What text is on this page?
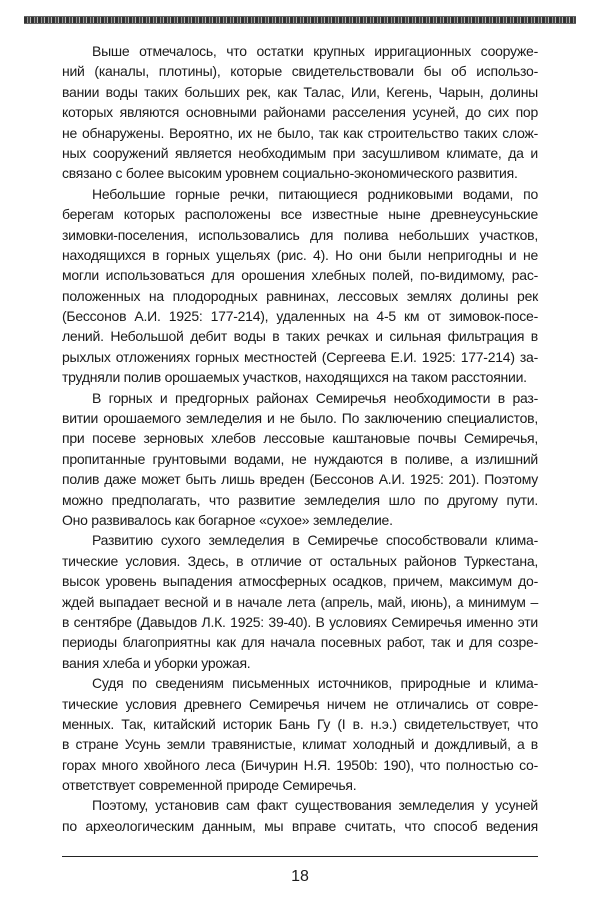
Выше отмечалось, что остатки крупных ирригационных сооруже-
ний (каналы, плотины), которые свидетельствовали бы об использо-
вании воды таких больших рек, как Талас, Или, Кегень, Чарын, долины
которых являются основными районами расселения усуней, до сих пор
не обнаружены. Вероятно, их не было, так как строительство таких слож-
ных сооружений является необходимым при засушливом климате, да и
связано с более высоким уровнем социально-экономического развития.
Небольшие горные речки, питающиеся родниковыми водами, по
берегам которых расположены все известные ныне древнеусуньские
зимовки-поселения, использовались для полива небольших участков,
находящихся в горных ущельях (рис. 4). Но они были непригодны и не
могли использоваться для орошения хлебных полей, по-видимому, рас-
положенных на плодородных равнинах, лессовых землях долины рек
(Бессонов А.И. 1925: 177-214), удаленных на 4-5 км от зимовок-посе-
лений. Небольшой дебит воды в таких речках и сильная фильтрация в
рыхлых отложениях горных местностей (Сергеева Е.И. 1925: 177-214) за-
трудняли полив орошаемых участков, находящихся на таком расстоянии.
В горных и предгорных районах Семиречья необходимости в раз-
витии орошаемого земледелия и не было. По заключению специалистов,
при посеве зерновых хлебов лессовые каштановые почвы Семиречья,
пропитанные грунтовыми водами, не нуждаются в поливе, а излишний
полив даже может быть лишь вреден (Бессонов А.И. 1925: 201). Поэтому
можно предполагать, что развитие земледелия шло по другому пути.
Оно развивалось как богарное «сухое» земледелие.
Развитию сухого земледелия в Семиречье способствовали клима-
тические условия. Здесь, в отличие от остальных районов Туркестана,
высок уровень выпадения атмосферных осадков, причем, максимум до-
ждей выпадает весной и в начале лета (апрель, май, июнь), а минимум –
в сентябре (Давыдов Л.К. 1925: 39-40). В условиях Семиречья именно эти
периоды благоприятны как для начала посевных работ, так и для созре-
вания хлеба и уборки урожая.
Судя по сведениям письменных источников, природные и клима-
тические условия древнего Семиречья ничем не отличались от совре-
менных. Так, китайский историк Бань Гу (I в. н.э.) свидетельствует, что
в стране Усунь земли травянистые, климат холодный и дождливый, а в
горах много хвойного леса (Бичурин Н.Я. 1950b: 190), что полностью со-
ответствует современной природе Семиречья.
Поэтому, установив сам факт существования земледелия у усуней
по археологическим данным, мы вправе считать, что способ ведения
18
